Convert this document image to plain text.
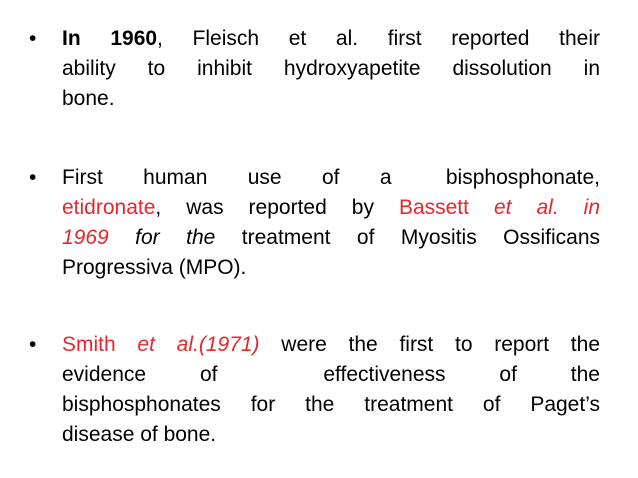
• In 1960, Fleisch et al. first reported their
ability to inhibit hydroxyapetite dissolution in
bone.
• First human use of a	bisphosphonate,
etidronate, was reported by Bassett et al. in
1969 for the treatment of Myositis Ossificans
Progressiva (MPO).
• Smith et al.(1971) were the first to report the
evidence of	effectiveness of the
bisphosphonates for the treatment of Paget’s
disease of bone.
